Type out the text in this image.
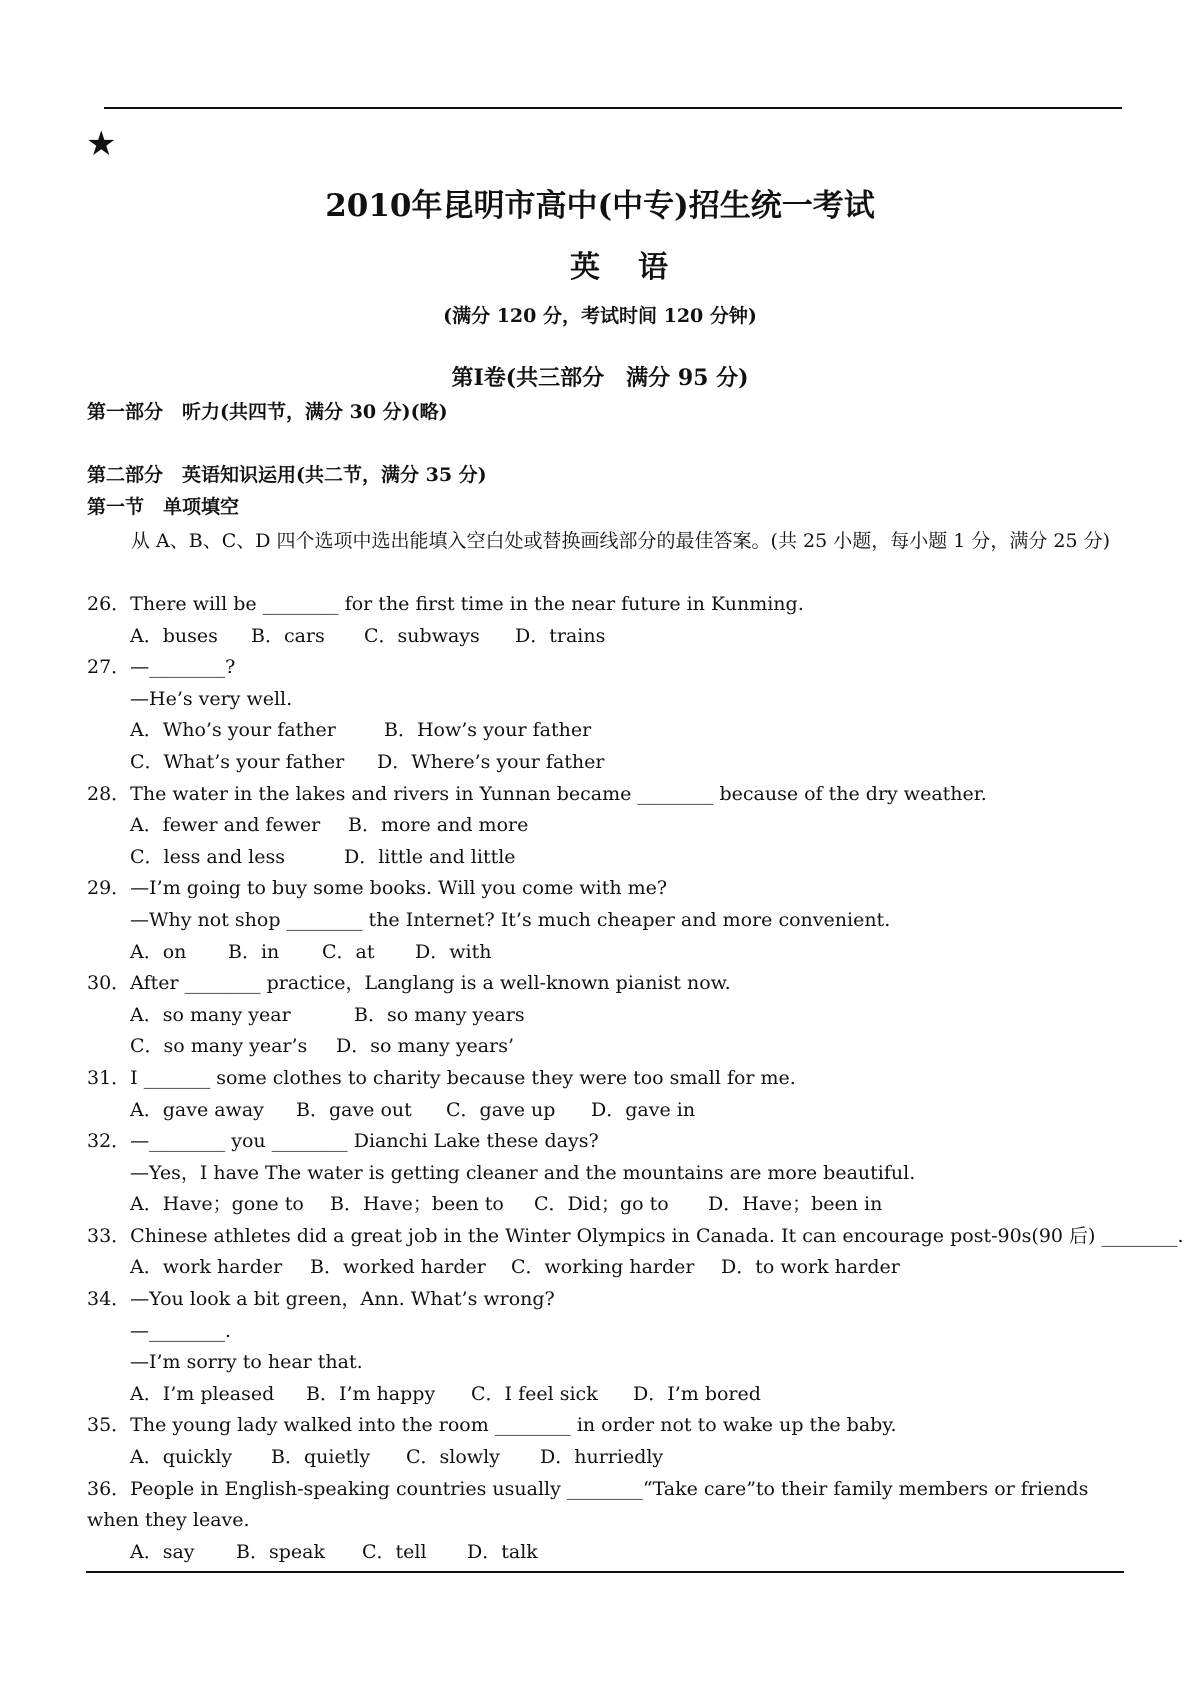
★
2010年昆明市高中(中专)招生统一考试
英语
(满分 120 分，考试时间 120 分钟)
第Ⅰ卷(共三部分　满分 95 分)
第一部分　听力(共四节，满分 30 分)(略)
第二部分　英语知识运用(共二节，满分 35 分)
第一节　单项填空
从 A、B、C、D 四个选项中选出能填入空白处或替换画线部分的最佳答案。(共 25 小题，每小题 1 分，满分 25 分)
26．There will be ________ for the first time in the near future in Kunming.
A．buses B．cars C．subways D．trains
27．—________?
—He’s very well.
A．Who’s your father	B．How’s your father
C．What’s your father D．Where’s your father
28．The water in the lakes and rivers in Yunnan became ________ because of the dry weather.
A．fewer and fewer B．more and more
C．less and less	D．little and little
29．—I’m going to buy some books. Will you come with me?
—Why not shop ________ the Internet? It’s much cheaper and more convenient.
A．on B．in C．at D．with
30．After ________ practice，Langlang is a well-known pianist now.
A．so many year	B．so many years
C．so many year’s D．so many years’
31．I _______ some clothes to charity because they were too small for me.
A．gave away B．gave out C．gave up D．gave in
32．—________ you ________ Dianchi Lake these days?
—Yes，I have The water is getting cleaner and the mountains are more beautiful.
A．Have；gone to B．Have；been to C．Did；go to D．Have；been in
33．Chinese athletes did a great job in the Winter Olympics in Canada. It can encourage post-90s(90 后) ________.
A．work harder B．worked harder C．working harder D．to work harder
34．—You look a bit green，Ann. What’s wrong?
—________.
—I’m sorry to hear that.
A．I’m pleased B．I’m happy C．I feel sick D．I’m bored
35．The young lady walked into the room ________ in order not to wake up the baby.
A．quickly B．quietly C．slowly D．hurriedly
36．People in English-speaking countries usually ________“Take care”to their family members or friends when they leave.
A．say B．speak C．tell D．talk
